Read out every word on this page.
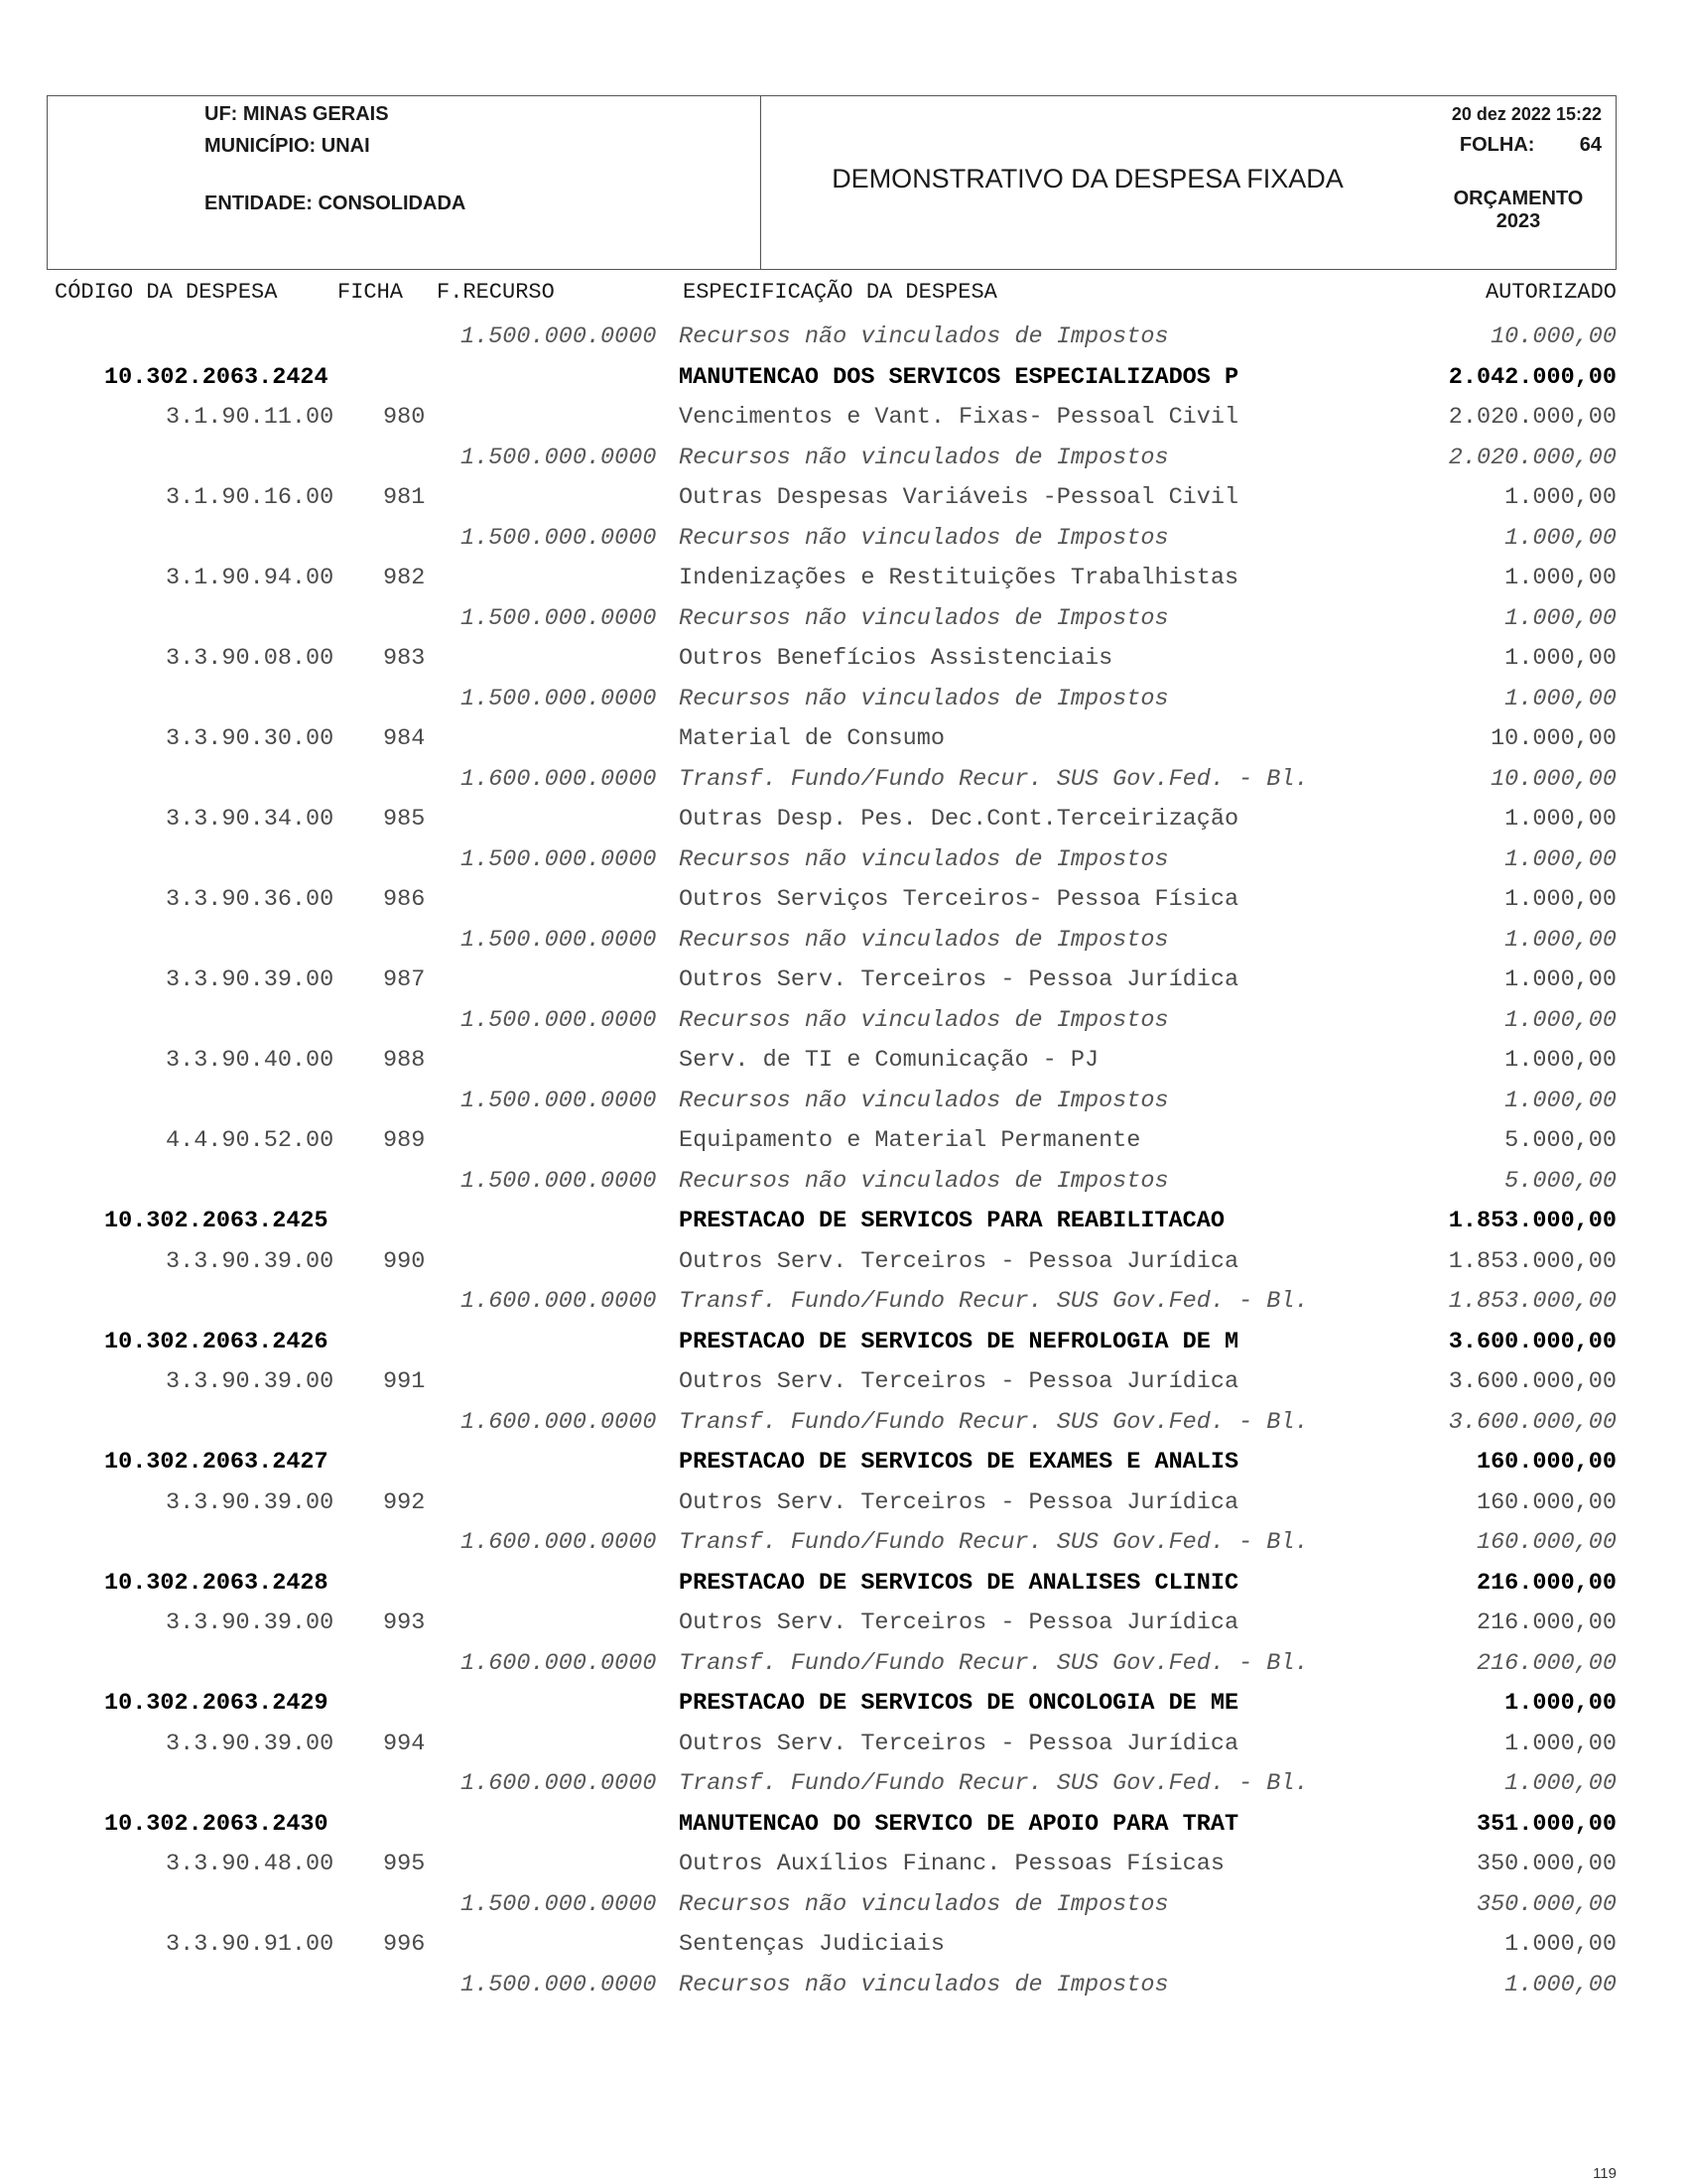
UF: MINAS GERAIS
MUNICÍPIO: UNAI
ENTIDADE: CONSOLIDADA
DEMONSTRATIVO DA DESPESA FIXADA
20 dez 2022 15:22
FOLHA: 64
ORÇAMENTO
2023
CÓDIGO DA DESPESA	FICHA F.RECURSO	ESPECIFICAÇÃO DA DESPESA	AUTORIZADO
1.500.000.0000 Recursos não vinculados de Impostos	10.000,00
10.302.2063.2424	MANUTENCAO DOS SERVICOS ESPECIALIZADOS P	2.042.000,00
3.1.90.11.00 980	Vencimentos e Vant. Fixas- Pessoal Civil	2.020.000,00
1.500.000.0000 Recursos não vinculados de Impostos	2.020.000,00
3.1.90.16.00 981	Outras Despesas Variáveis -Pessoal Civil	1.000,00
1.500.000.0000 Recursos não vinculados de Impostos	1.000,00
3.1.90.94.00 982	Indenizações e Restituições Trabalhistas	1.000,00
1.500.000.0000 Recursos não vinculados de Impostos	1.000,00
3.3.90.08.00 983	Outros Benefícios Assistenciais	1.000,00
1.500.000.0000 Recursos não vinculados de Impostos	1.000,00
3.3.90.30.00 984	Material de Consumo	10.000,00
1.600.000.0000 Transf. Fundo/Fundo Recur. SUS Gov.Fed. - Bl.	10.000,00
3.3.90.34.00 985	Outras Desp. Pes. Dec.Cont.Terceirização	1.000,00
1.500.000.0000 Recursos não vinculados de Impostos	1.000,00
3.3.90.36.00 986	Outros Serviços Terceiros- Pessoa Física	1.000,00
1.500.000.0000 Recursos não vinculados de Impostos	1.000,00
3.3.90.39.00 987	Outros Serv. Terceiros - Pessoa Jurídica	1.000,00
1.500.000.0000 Recursos não vinculados de Impostos	1.000,00
3.3.90.40.00 988	Serv. de TI e Comunicação - PJ	1.000,00
1.500.000.0000 Recursos não vinculados de Impostos	1.000,00
4.4.90.52.00 989	Equipamento e Material Permanente	5.000,00
1.500.000.0000 Recursos não vinculados de Impostos	5.000,00
10.302.2063.2425	PRESTACAO DE SERVICOS PARA REABILITACAO	1.853.000,00
3.3.90.39.00 990	Outros Serv. Terceiros - Pessoa Jurídica	1.853.000,00
1.600.000.0000 Transf. Fundo/Fundo Recur. SUS Gov.Fed. - Bl.	1.853.000,00
10.302.2063.2426	PRESTACAO DE SERVICOS DE NEFROLOGIA DE M	3.600.000,00
3.3.90.39.00 991	Outros Serv. Terceiros - Pessoa Jurídica	3.600.000,00
1.600.000.0000 Transf. Fundo/Fundo Recur. SUS Gov.Fed. - Bl.	3.600.000,00
10.302.2063.2427	PRESTACAO DE SERVICOS DE EXAMES E ANALIS	160.000,00
3.3.90.39.00 992	Outros Serv. Terceiros - Pessoa Jurídica	160.000,00
1.600.000.0000 Transf. Fundo/Fundo Recur. SUS Gov.Fed. - Bl.	160.000,00
10.302.2063.2428	PRESTACAO DE SERVICOS DE ANALISES CLINIC	216.000,00
3.3.90.39.00 993	Outros Serv. Terceiros - Pessoa Jurídica	216.000,00
1.600.000.0000 Transf. Fundo/Fundo Recur. SUS Gov.Fed. - Bl.	216.000,00
10.302.2063.2429	PRESTACAO DE SERVICOS DE ONCOLOGIA DE ME	1.000,00
3.3.90.39.00 994	Outros Serv. Terceiros - Pessoa Jurídica	1.000,00
1.600.000.0000 Transf. Fundo/Fundo Recur. SUS Gov.Fed. - Bl.	1.000,00
10.302.2063.2430	MANUTENCAO DO SERVICO DE APOIO PARA TRAT	351.000,00
3.3.90.48.00 995	Outros Auxílios Financ. Pessoas Físicas	350.000,00
1.500.000.0000 Recursos não vinculados de Impostos	350.000,00
3.3.90.91.00 996	Sentenças Judiciais	1.000,00
1.500.000.0000 Recursos não vinculados de Impostos	1.000,00
119
